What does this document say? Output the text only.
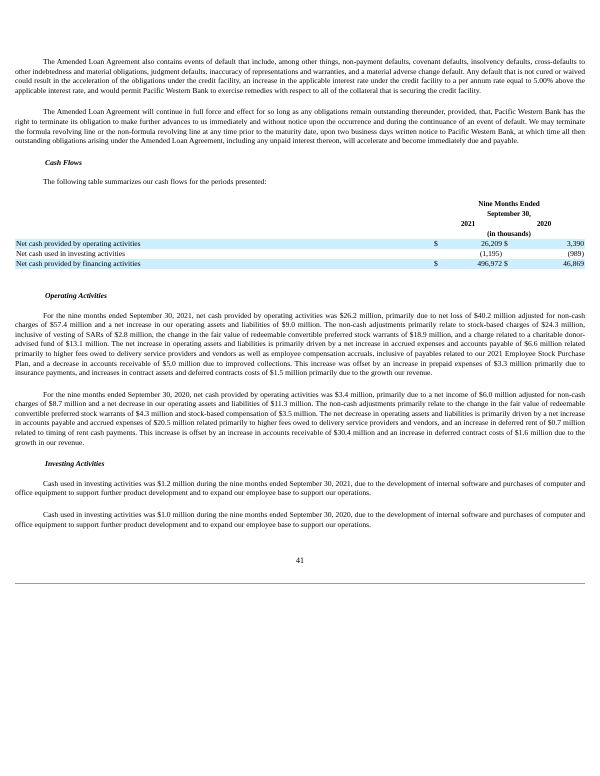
The Amended Loan Agreement also contains events of default that include, among other things, non-payment defaults, covenant defaults, insolvency defaults, cross-defaults to other indebtedness and material obligations, judgment defaults, inaccuracy of representations and warranties, and a material adverse change default. Any default that is not cured or waived could result in the acceleration of the obligations under the credit facility, an increase in the applicable interest rate under the credit facility to a per annum rate equal to 5.00% above the applicable interest rate, and would permit Pacific Western Bank to exercise remedies with respect to all of the collateral that is securing the credit facility.

The Amended Loan Agreement will continue in full force and effect for so long as any obligations remain outstanding thereunder, provided, that, Pacific Western Bank has the right to terminate its obligation to make further advances to us immediately and without notice upon the occurrence and during the continuance of an event of default. We may terminate the formula revolving line or the non-formula revolving line at any time prior to the maturity date, upon two business days written notice to Pacific Western Bank, at which time all then outstanding obligations arising under the Amended Loan Agreement, including any unpaid interest thereon, will accelerate and become immediately due and payable.

Cash Flows

The following table summarizes our cash flows for the periods presented:

	Nine Months Ended
September 30,			

	2021		2020	
	(in thousands)			
Net cash provided by operating activities	$	26,209	$	3,390
Net cash used in investing activities		(1,195)		(989)
Net cash provided by financing activities	$	496,972	$	46,869
Operating Activities

For the nine months ended September 30, 2021, net cash provided by operating activities was $26.2 million, primarily due to net loss of $40.2 million adjusted for non-cash charges of $57.4 million and a net increase in our operating assets and liabilities of $9.0 million. The non-cash adjustments primarily relate to stock-based charges of $24.3 million, inclusive of vesting of SARs of $2.8 million, the change in the fair value of redeemable convertible preferred stock warrants of $18.9 million, and a charge related to a charitable donor-advised fund of $13.1 million. The net increase in operating assets and liabilities is primarily driven by a net increase in accrued expenses and accounts payable of $6.6 million related primarily to higher fees owed to delivery service providers and vendors as well as employee compensation accruals, inclusive of payables related to our 2021 Employee Stock Purchase Plan, and a decrease in accounts receivable of $5.0 million due to improved collections. This increase was offset by an increase in prepaid expenses of $3.3 million primarily due to insurance payments, and increases in contract assets and deferred contracts costs of $1.5 million primarily due to the growth our revenue.

For the nine months ended September 30, 2020, net cash provided by operating activities was $3.4 million, primarily due to a net income of $6.0 million adjusted for non-cash charges of $8.7 million and a net decrease in our operating assets and liabilities of $11.3 million. The non-cash adjustments primarily relate to the change in the fair value of redeemable convertible preferred stock warrants of $4.3 million and stock-based compensation of $3.5 million. The net decrease in operating assets and liabilities is primarily driven by a net increase in accounts payable and accrued expenses of $20.5 million related primarily to higher fees owed to delivery service providers and vendors, and an increase in deferred rent of $0.7 million related to timing of rent cash payments. This increase is offset by an increase in accounts receivable of $30.4 million and an increase in deferred contract costs of $1.6 million due to the growth in our revenue.

Investing Activities

Cash used in investing activities was $1.2 million during the nine months ended September 30, 2021, due to the development of internal software and purchases of computer and office equipment to support further product development and to expand our employee base to support our operations.

Cash used in investing activities was $1.0 million during the nine months ended September 30, 2020, due to the development of internal software and purchases of computer and office equipment to support further product development and to expand our employee base to support our operations.

41
